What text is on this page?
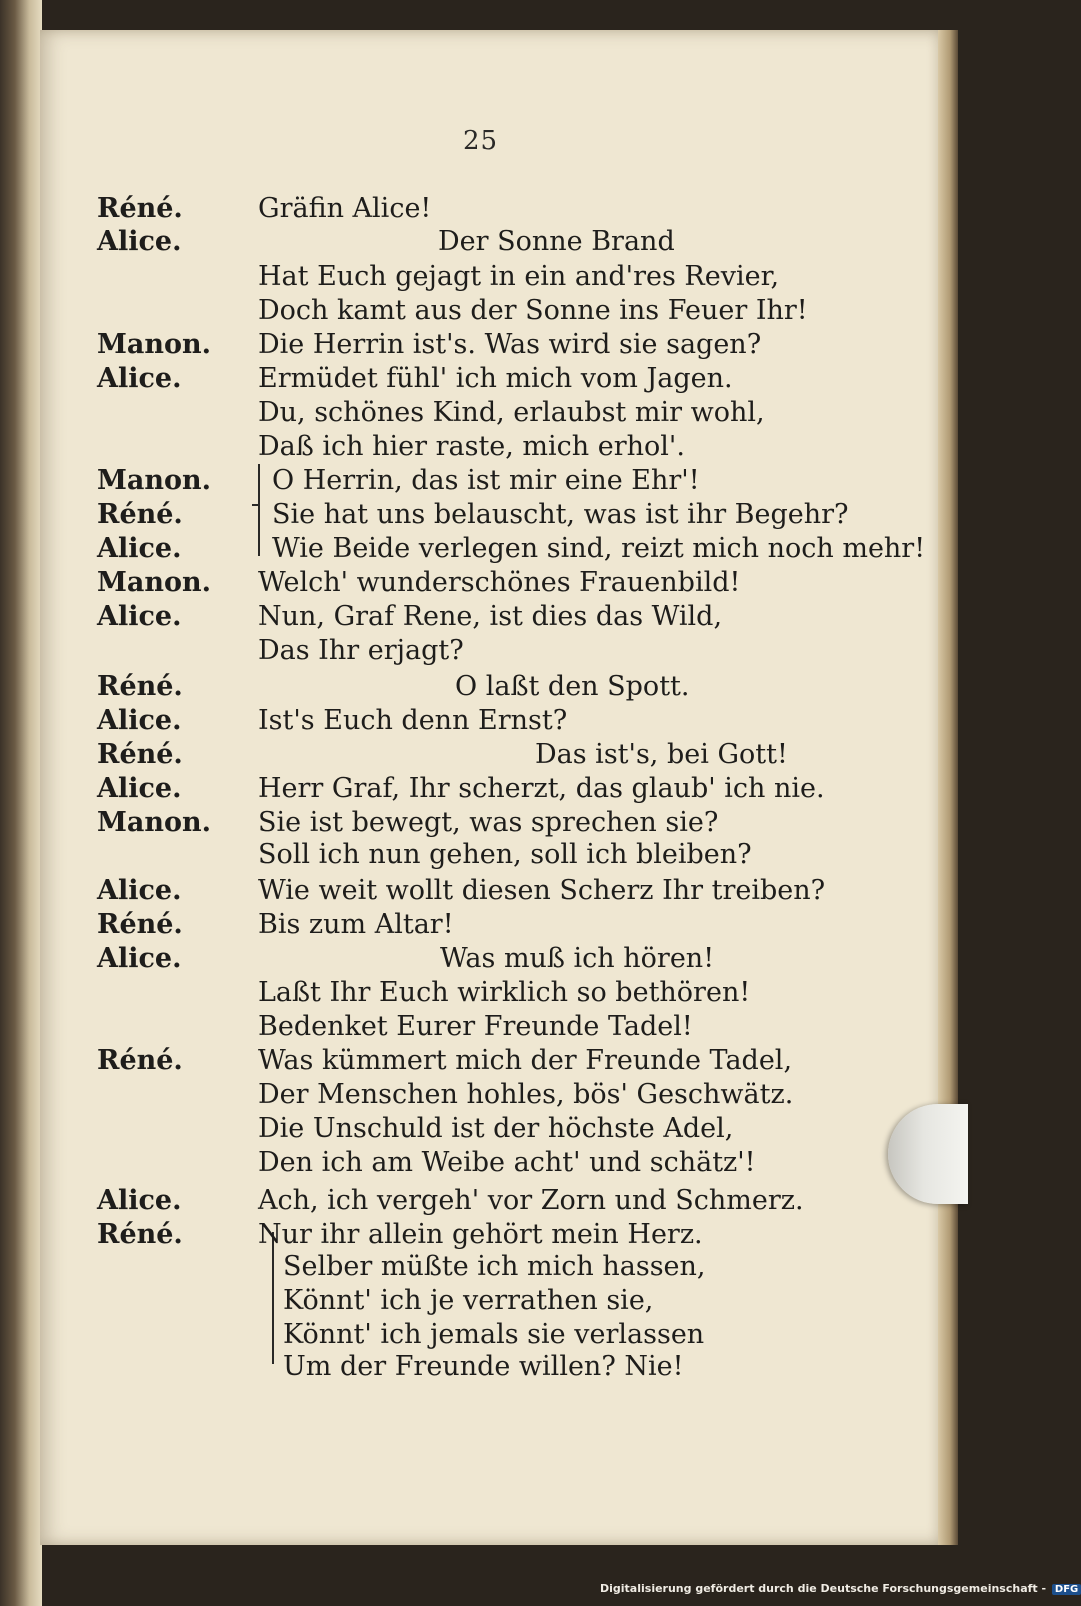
25
Réné.	Gräfin Alice!
Alice.	Der Sonne Brand
Hat Euch gejagt in ein and'res Revier,
Doch kamt aus der Sonne ins Feuer Ihr!
Manon. Die Herrin ist's. Was wird sie sagen?
Alice.	Ermüdet fühl' ich mich vom Jagen.
Du, schönes Kind, erlaubst mir wohl,
Daß ich hier raste, mich erhol'.
Manon. O Herrin, das ist mir eine Ehr'!
Réné.	Sie hat uns belauscht, was ist ihr Begehr?
Alice.	Wie Beide verlegen sind, reizt mich noch mehr!
Manon. Welch' wunderschönes Frauenbild!
Alice.	Nun, Graf Rene, ist dies das Wild,
Das Ihr erjagt?
Réné.	O laßt den Spott.
Alice.	Ist's Euch denn Ernst?
Réné.	Das ist's, bei Gott!
Alice.	Herr Graf, Ihr scherzt, das glaub' ich nie.
Manon. Sie ist bewegt, was sprechen sie?
Soll ich nun gehen, soll ich bleiben?
Alice.	Wie weit wollt diesen Scherz Ihr treiben?
Réné.	Bis zum Altar!
Alice.	Was muß ich hören!
Laßt Ihr Euch wirklich so bethören!
Bedenket Eurer Freunde Tadel!
Réné.	Was kümmert mich der Freunde Tadel,
Der Menschen hohles, bös' Geschwätz.
Die Unschuld ist der höchste Adel,
Den ich am Weibe acht' und schätz'!
Alice.	Ach, ich vergeh' vor Zorn und Schmerz.
Réné.	Nur ihr allein gehört mein Herz.
Selber müßte ich mich hassen,
Könnt' ich je verrathen sie,
Könnt' ich jemals sie verlassen
Um der Freunde willen? Nie!
Digitalisierung gefördert durch die Deutsche Forschungsgemeinschaft - DFG
